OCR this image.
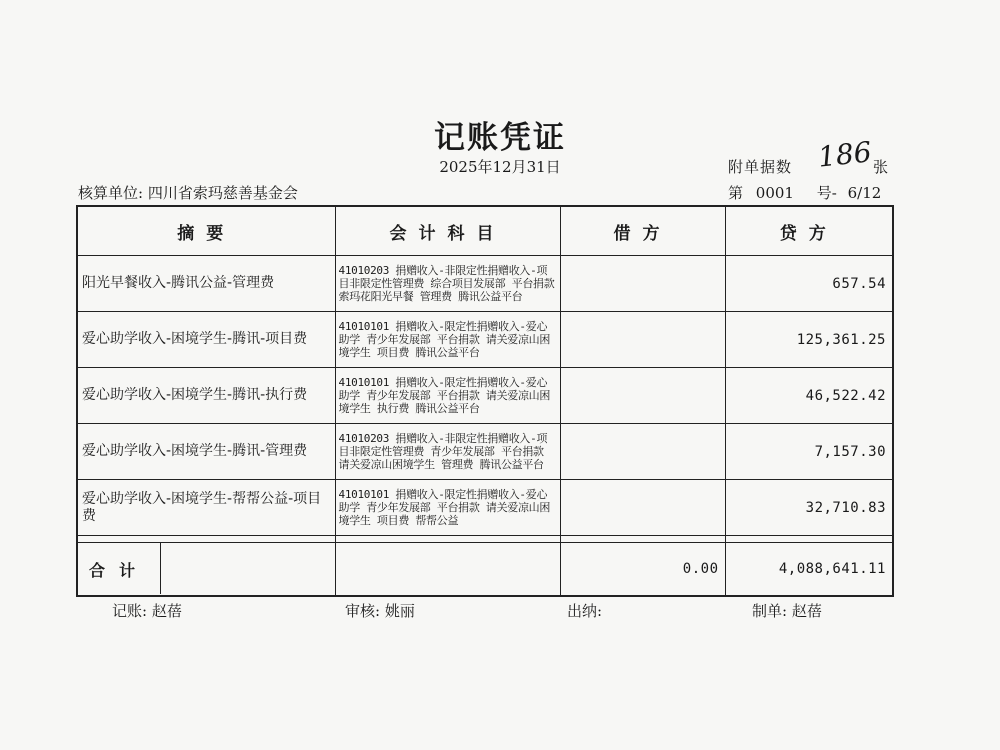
记账凭证
2025年12月31日	附单据数 186 张
核算单位: 四川省索玛慈善基金会	第 0001 号- 6/12
摘要	会计科目	借方	贷方
阳光早餐收入-腾讯公益-管理费	41010203 捐赠收入-非限定性捐赠收入-项目非限定性管理费 综合项目发展部 平台捐款 索玛花阳光早餐 管理费 腾讯公益平台		657.54
爱心助学收入-困境学生-腾讯-项目费	41010101 捐赠收入-限定性捐赠收入-爱心助学 青少年发展部 平台捐款 请关爱凉山困境学生 项目费 腾讯公益平台		125,361.25
爱心助学收入-困境学生-腾讯-执行费	41010101 捐赠收入-限定性捐赠收入-爱心助学 青少年发展部 平台捐款 请关爱凉山困境学生 执行费 腾讯公益平台		46,522.42
爱心助学收入-困境学生-腾讯-管理费	41010203 捐赠收入-非限定性捐赠收入-项目非限定性管理费 青少年发展部 平台捐款 请关爱凉山困境学生 管理费 腾讯公益平台		7,157.30
爱心助学收入-困境学生-帮帮公益-项目费	41010101 捐赠收入-限定性捐赠收入-爱心助学 青少年发展部 平台捐款 请关爱凉山困境学生 项目费 帮帮公益		32,710.83

合计		0.00	4,088,641.11
记账: 赵蓓	审核: 姚丽	出纳:	制单: 赵蓓
